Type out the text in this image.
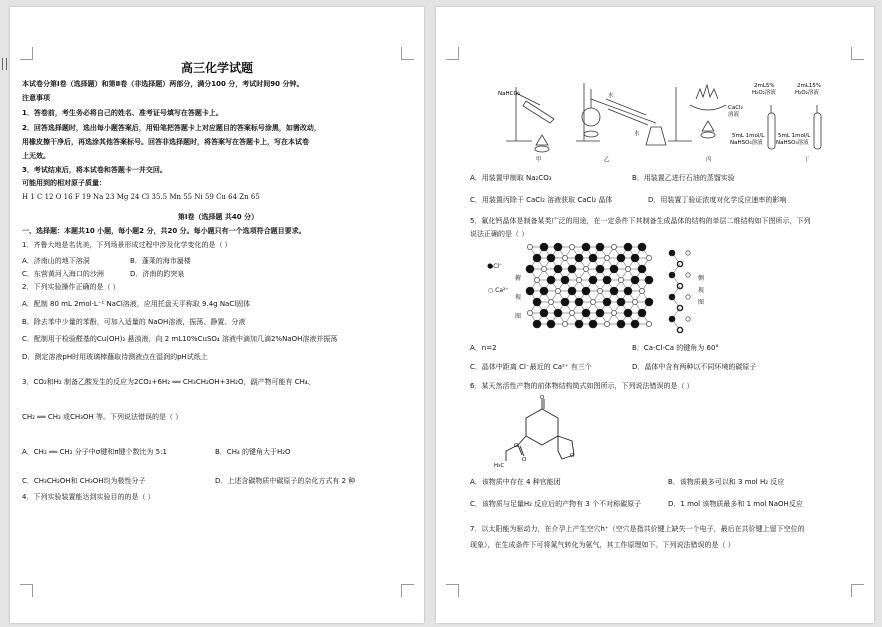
高三化学试题
本试卷分第Ⅰ卷（选择题）和第Ⅱ卷（非选择题）两部分，满分100 分，考试时间90 分钟。
注意事项
1．答卷前，考生务必将自己的姓名、准考证号填写在答题卡上。
2．回答选择题时，选出每小题答案后，用铅笔把答题卡上对应题目的答案标号涂黑，如需改动，
用橡皮擦干净后，再选涂其他答案标号。回答非选择题时，将答案写在答题卡上，写在本试卷
上无效。
3．考试结束后，将本试卷和答题卡一并交回。
可能用到的相对原子质量：
H 1 C 12 O 16 F 19 Na 23 Mg 24 Cl 35.5 Mn 55 Ni 59 Cu 64 Zn 65
第Ⅰ卷（选择题 共40 分）
一、选择题：本题共10 小题，每小题2 分，共20 分。每小题只有一个选项符合题目要求。
1．齐鲁大地是名优美，下列场景形成过程中涉及化学变化的是（ ）
A．济南山的地下溶洞	B．蓬莱的海市蜃楼
C．东营黄河入海口的沙洲	D．济南的趵突泉
2．下列实验操作正确的是（ ）
A．配制 80 mL 2mol·L⁻¹ NaCl溶液，应用托盘天平称取 9.4g NaCl固体
B．除去苯中少量的苯酚，可加入适量的 NaOH溶液，振荡、静置、分液
C．配制用于检验醛基的Cu(OH)₂ 悬浊液，向 2 mL10%CuSO₄ 溶液中滴加几滴2%NaOH溶液并振荡
D．测定溶液pH时用玻璃棒蘸取待测液点在湿润的pH试纸上
3．CO₂和H₂ 制备乙酸发生的反应为2CO₂+6H₂ ══ CH₃CH₂OH+3H₂O，副产物可能有 CH₄、
CH₂ ══ CH₂ 或CH₃OH 等。下列说法错误的是（ ）
A．CH₂ ══ CH₂ 分子中σ键和π键个数比为 5:1	B．CH₄ 的键角大于H₂O
C．CH₃CH₂OH和 CH₃OH均为极性分子	D．上述含碳物质中碳原子的杂化方式有 2 种
4．下列实验装置能达到实验目的的是（ ）
NaHCO₃
甲
水
水
乙
CaCl₂
溶液
丙
2mL5%
H₂O₂溶液
2mL15%
H₂O₂溶液
5mL 1mol/L
NaHSO₃溶液
5mL 1mol/L
NaHSO₃溶液
丁
A．用装置甲制取 Na₂CO₃	B．用装置乙进行石油的蒸馏实验
C．用装置丙除干 CaCl₂ 溶液获取 CaCl₂ 晶体	D．用装置丁验证浓度对化学反应速率的影响
5．氟化钙晶体是制备某类广泛的用途，在一定条件下其制备生成晶体的结构的单层二维结构如下图所示，下列
说法正确的是（ ）
●Cl⁻
○ Ca²⁺
俯
视
图
侧
视
图
A．n=2	B．Ca-Cl-Ca 的键角为 60°
C．晶体中距离 Cl⁻最近的 Ca²⁺ 有三个	D．晶体中含有两种以不同环境的碳原子
6．某天然活性产物的前体物结构简式如图所示，下列说法错误的是（ ）
O
O
O
O
H₃C
A．该物质中存在 4 种官能团	B．该物质最多可以和 3 mol H₂ 反应
C．该物质与足量H₂ 反应后的产物有 3 个不对称碳原子	D．1 mol 该物质最多和 1 mol NaOH反应
7．以太阳能为驱动力，在介孕上产生空穴h⁺（空穴是指共价键上缺失一个电子，最后在共价键上留下空位的
现象），在生成条件下可将氮气转化为氨气，其工作原理如下。下列说法错误的是（ ）
